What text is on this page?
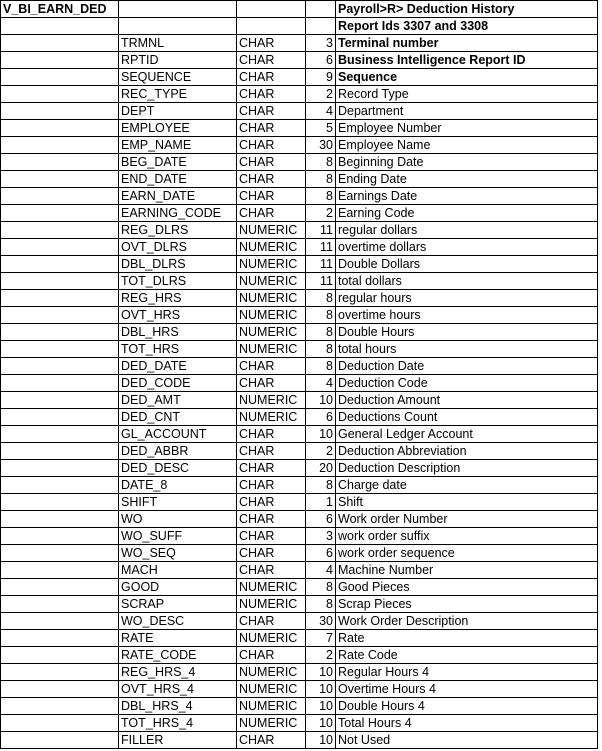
V_BI_EARN_DED				Payroll>R> Deduction History
				Report Ids 3307 and 3308
	TRMNL	CHAR	3	Terminal number
	RPTID	CHAR	6	Business Intelligence Report ID
	SEQUENCE	CHAR	9	Sequence
	REC_TYPE	CHAR	2	Record Type
	DEPT	CHAR	4	Department
	EMPLOYEE	CHAR	5	Employee Number
	EMP_NAME	CHAR	30	Employee Name
	BEG_DATE	CHAR	8	Beginning Date
	END_DATE	CHAR	8	Ending Date
	EARN_DATE	CHAR	8	Earnings Date
	EARNING_CODE	CHAR	2	Earning Code
	REG_DLRS	NUMERIC	11	regular dollars
	OVT_DLRS	NUMERIC	11	overtime dollars
	DBL_DLRS	NUMERIC	11	Double Dollars
	TOT_DLRS	NUMERIC	11	total dollars
	REG_HRS	NUMERIC	8	regular hours
	OVT_HRS	NUMERIC	8	overtime hours
	DBL_HRS	NUMERIC	8	Double Hours
	TOT_HRS	NUMERIC	8	total hours
	DED_DATE	CHAR	8	Deduction Date
	DED_CODE	CHAR	4	Deduction Code
	DED_AMT	NUMERIC	10	Deduction Amount
	DED_CNT	NUMERIC	6	Deductions Count
	GL_ACCOUNT	CHAR	10	General Ledger Account
	DED_ABBR	CHAR	2	Deduction Abbreviation
	DED_DESC	CHAR	20	Deduction Description
	DATE_8	CHAR	8	Charge date
	SHIFT	CHAR	1	Shift
	WO	CHAR	6	Work order Number
	WO_SUFF	CHAR	3	work order suffix
	WO_SEQ	CHAR	6	work order sequence
	MACH	CHAR	4	Machine Number
	GOOD	NUMERIC	8	Good Pieces
	SCRAP	NUMERIC	8	Scrap Pieces
	WO_DESC	CHAR	30	Work Order Description
	RATE	NUMERIC	7	Rate
	RATE_CODE	CHAR	2	Rate Code
	REG_HRS_4	NUMERIC	10	Regular Hours 4
	OVT_HRS_4	NUMERIC	10	Overtime Hours 4
	DBL_HRS_4	NUMERIC	10	Double Hours 4
	TOT_HRS_4	NUMERIC	10	Total Hours 4
	FILLER	CHAR	10	Not Used
